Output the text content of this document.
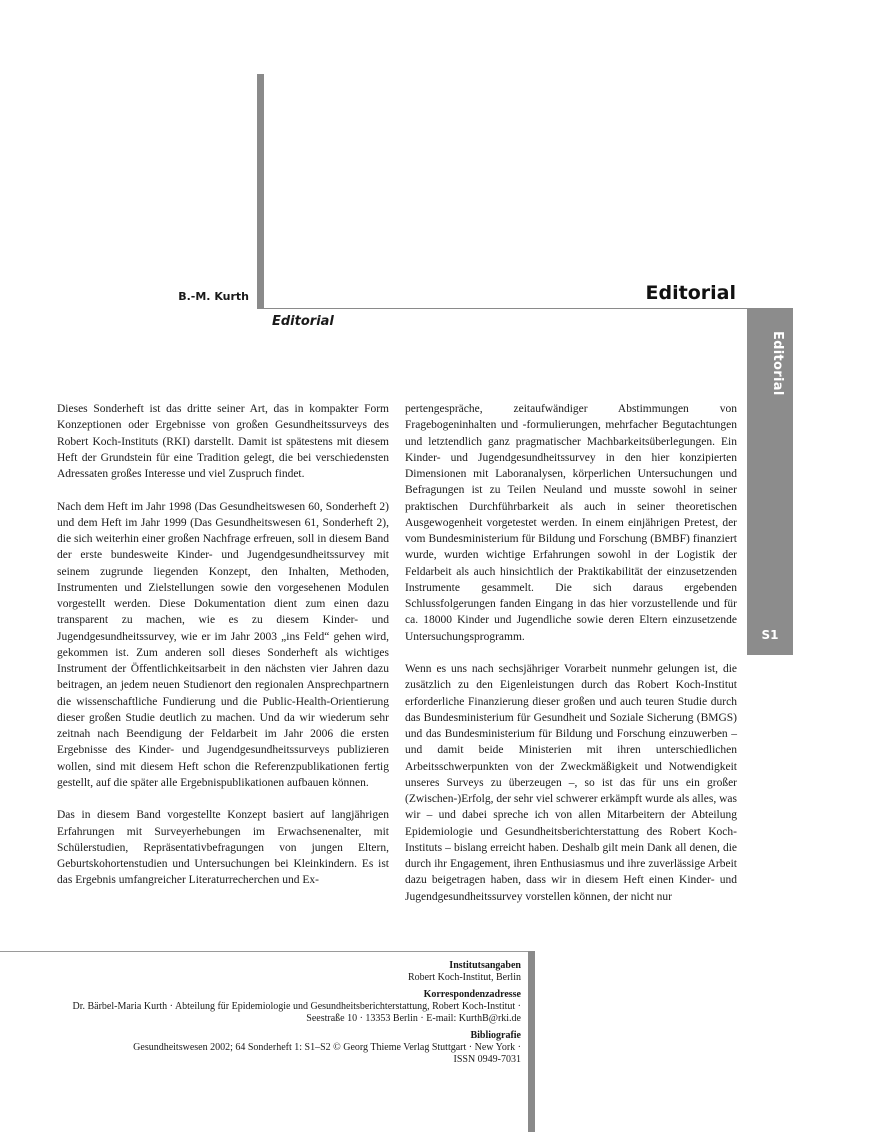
B.-M. Kurth	Editorial
Editorial
Editorial
S1

Dieses Sonderheft ist das dritte seiner Art, das in kompakter Form Konzeptionen oder Ergebnisse von großen Gesundheitssurveys des Robert Koch-Instituts (RKI) darstellt. Damit ist spätestens mit diesem Heft der Grundstein für eine Tradition gelegt, die bei verschiedensten Adressaten großes Interesse und viel Zuspruch findet.

Nach dem Heft im Jahr 1998 (Das Gesundheitswesen 60, Sonderheft 2) und dem Heft im Jahr 1999 (Das Gesundheitswesen 61, Sonderheft 2), die sich weiterhin einer großen Nachfrage erfreuen, soll in diesem Band der erste bundesweite Kinder- und Jugendgesundheitssurvey mit seinem zugrunde liegenden Konzept, den Inhalten, Methoden, Instrumenten und Zielstellungen sowie den vorgesehenen Modulen vorgestellt werden. Diese Dokumentation dient zum einen dazu transparent zu machen, wie es zu diesem Kinder- und Jugendgesundheitssurvey, wie er im Jahr 2003 „ins Feld“ gehen wird, gekommen ist. Zum anderen soll dieses Sonderheft als wichtiges Instrument der Öffentlichkeitsarbeit in den nächsten vier Jahren dazu beitragen, an jedem neuen Studienort den regionalen Ansprechpartnern die wissenschaftliche Fundierung und die Public-Health-Orientierung dieser großen Studie deutlich zu machen. Und da wir wiederum sehr zeitnah nach Beendigung der Feldarbeit im Jahr 2006 die ersten Ergebnisse des Kinder- und Jugendgesundheitssurveys publizieren wollen, sind mit diesem Heft schon die Referenzpublikationen fertig gestellt, auf die später alle Ergebnispublikationen aufbauen können.

Das in diesem Band vorgestellte Konzept basiert auf langjährigen Erfahrungen mit Surveyerhebungen im Erwachsenenalter, mit Schülerstudien, Repräsentativbefragungen von jungen Eltern, Geburtskohortenstudien und Untersuchungen bei Kleinkindern. Es ist das Ergebnis umfangreicher Literaturrecherchen und Ex-

pertengespräche, zeitaufwändiger Abstimmungen von Fragebogeninhalten und -formulierungen, mehrfacher Begutachtungen und letztendlich ganz pragmatischer Machbarkeitsüberlegungen. Ein Kinder- und Jugendgesundheitssurvey in den hier konzipierten Dimensionen mit Laboranalysen, körperlichen Untersuchungen und Befragungen ist zu Teilen Neuland und musste sowohl in seiner praktischen Durchführbarkeit als auch in seiner theoretischen Ausgewogenheit vorgetestet werden. In einem einjährigen Pretest, der vom Bundesministerium für Bildung und Forschung (BMBF) finanziert wurde, wurden wichtige Erfahrungen sowohl in der Logistik der Feldarbeit als auch hinsichtlich der Praktikabilität der einzusetzenden Instrumente gesammelt. Die sich daraus ergebenden Schlussfolgerungen fanden Eingang in das hier vorzustellende und für ca. 18000 Kinder und Jugendliche sowie deren Eltern einzusetzende Untersuchungsprogramm.

Wenn es uns nach sechsjähriger Vorarbeit nunmehr gelungen ist, die zusätzlich zu den Eigenleistungen durch das Robert Koch-Institut erforderliche Finanzierung dieser großen und auch teuren Studie durch das Bundesministerium für Gesundheit und Soziale Sicherung (BMGS) und das Bundesministerium für Bildung und Forschung einzuwerben – und damit beide Ministerien mit ihren unterschiedlichen Arbeitsschwerpunkten von der Zweckmäßigkeit und Notwendigkeit unseres Surveys zu überzeugen –, so ist das für uns ein großer (Zwischen-)Erfolg, der sehr viel schwerer erkämpft wurde als alles, was wir – und dabei spreche ich von allen Mitarbeitern der Abteilung Epidemiologie und Gesundheitsberichterstattung des Robert Koch-Instituts – bislang erreicht haben. Deshalb gilt mein Dank all denen, die durch ihr Engagement, ihren Enthusiasmus und ihre zuverlässige Arbeit dazu beigetragen haben, dass wir in diesem Heft einen Kinder- und Jugendgesundheitssurvey vorstellen können, der nicht nur

Institutsangaben
Robert Koch-Institut, Berlin
Korrespondenzadresse
Dr. Bärbel-Maria Kurth · Abteilung für Epidemiologie und Gesundheitsberichterstattung, Robert Koch-Institut ·
Seestraße 10 · 13353 Berlin · E-mail: KurthB@rki.de
Bibliografie
Gesundheitswesen 2002; 64 Sonderheft 1: S1–S2 © Georg Thieme Verlag Stuttgart · New York ·
ISSN 0949-7031
